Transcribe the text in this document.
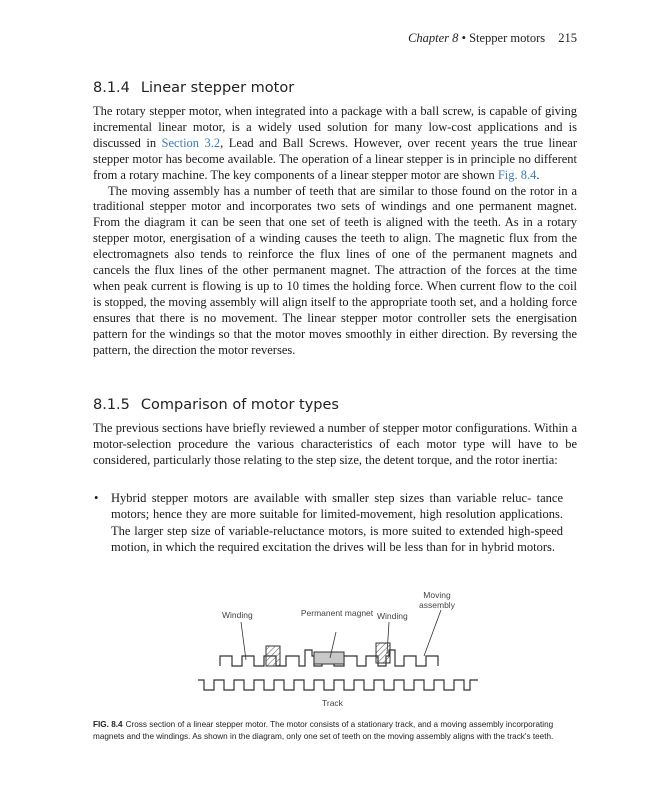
Chapter 8 • Stepper motors 215
8.1.4 Linear stepper motor

The rotary stepper motor, when integrated into a package with a ball screw, is capable of giving incremental linear motor, is a widely used solution for many low-cost applications and is discussed in Section 3.2, Lead and Ball Screws. However, over recent years the true linear stepper motor has become available. The operation of a linear stepper is in principle no different from a rotary machine. The key components of a linear stepper motor are shown Fig. 8.4.

The moving assembly has a number of teeth that are similar to those found on the rotor in a traditional stepper motor and incorporates two sets of windings and one permanent magnet. From the diagram it can be seen that one set of teeth is aligned with the teeth. As in a rotary stepper motor, energisation of a winding causes the teeth to align. The magnetic flux from the electromagnets also tends to reinforce the flux lines of one of the permanent magnets and cancels the flux lines of the other permanent magnet. The attraction of the forces at the time when peak current is flowing is up to 10 times the holding force. When current flow to the coil is stopped, the moving assembly will align itself to the appropriate tooth set, and a holding force ensures that there is no movement. The linear stepper motor controller sets the energisation pattern for the windings so that the motor moves smoothly in either direction. By reversing the pattern, the direction the motor reverses.

8.1.5 Comparison of motor types

The previous sections have briefly reviewed a number of stepper motor configurations. Within a motor-selection procedure the various characteristics of each motor type will have to be considered, particularly those relating to the step size, the detent torque, and the rotor inertia:

• Hybrid stepper motors are available with smaller step sizes than variable reluc- tance motors; hence they are more suitable for limited-movement, high resolution applications. The larger step size of variable-reluctance motors, is more suited to extended high-speed motion, in which the required excitation the drives will be less than for in hybrid motors.
Winding	Permanent magnet Winding
Moving assembly
Track
FIG. 8.4 Cross section of a linear stepper motor. The motor consists of a stationary track, and a moving assembly incorporating magnets and the windings. As shown in the diagram, only one set of teeth on the moving assembly aligns with the track's teeth.
